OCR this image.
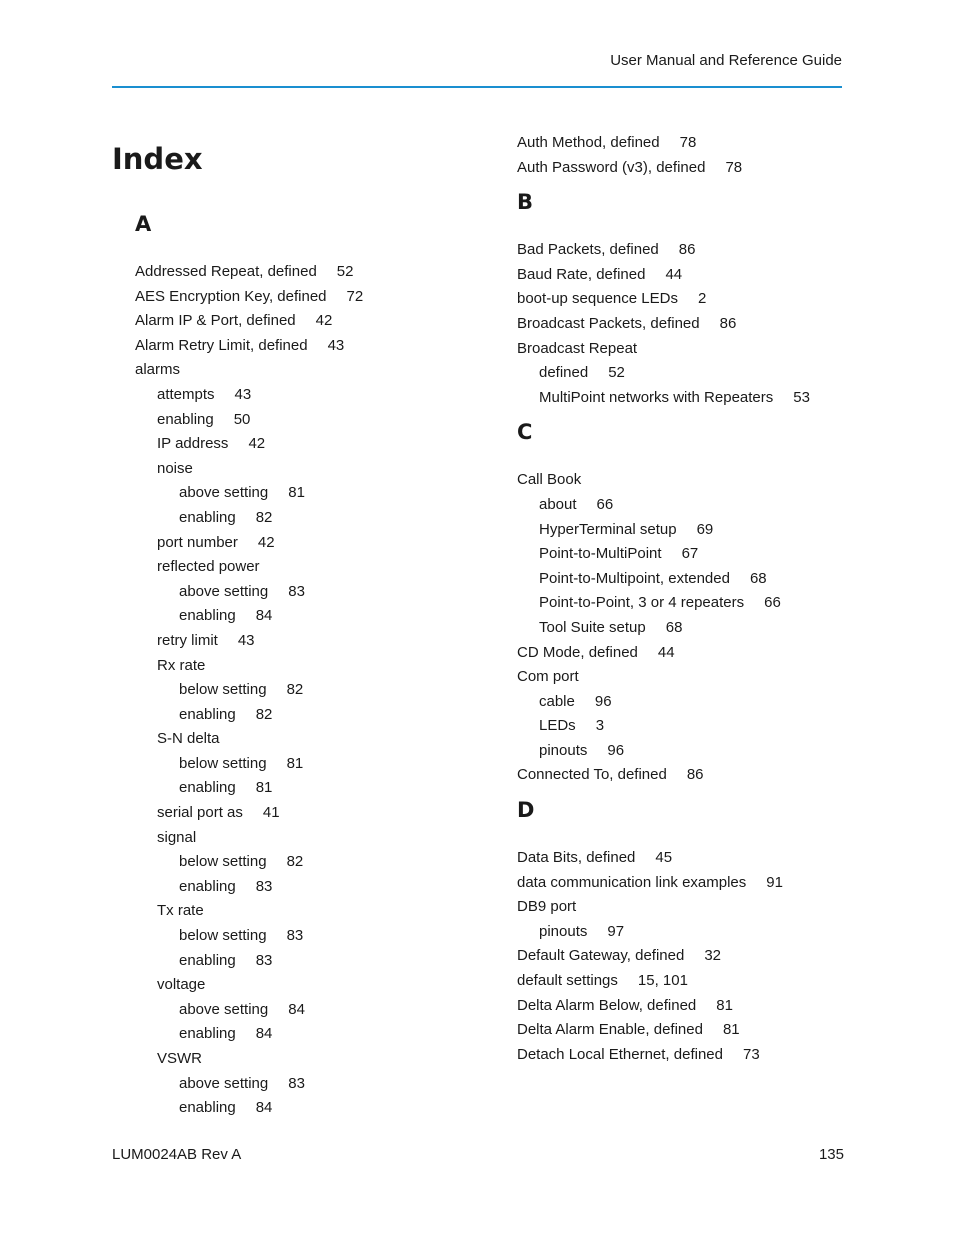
User Manual and Reference Guide
Index
A
Addressed Repeat, defined 52
AES Encryption Key, defined 72
Alarm IP & Port, defined 42
Alarm Retry Limit, defined 43
alarms
attempts 43
enabling 50
IP address 42
noise
above setting 81
enabling 82
port number 42
reflected power
above setting 83
enabling 84
retry limit 43
Rx rate
below setting 82
enabling 82
S-N delta
below setting 81
enabling 81
serial port as 41
signal
below setting 82
enabling 83
Tx rate
below setting 83
enabling 83
voltage
above setting 84
enabling 84
VSWR
above setting 83
enabling 84
Auth Method, defined 78
Auth Password (v3), defined 78
B
Bad Packets, defined 86
Baud Rate, defined 44
boot-up sequence LEDs 2
Broadcast Packets, defined 86
Broadcast Repeat
defined 52
MultiPoint networks with Repeaters 53
C
Call Book
about 66
HyperTerminal setup 69
Point-to-MultiPoint 67
Point-to-Multipoint, extended 68
Point-to-Point, 3 or 4 repeaters 66
Tool Suite setup 68
CD Mode, defined 44
Com port
cable 96
LEDs 3
pinouts 96
Connected To, defined 86
D
Data Bits, defined 45
data communication link examples 91
DB9 port
pinouts 97
Default Gateway, defined 32
default settings 15, 101
Delta Alarm Below, defined 81
Delta Alarm Enable, defined 81
Detach Local Ethernet, defined 73
LUM0024AB Rev A	135
